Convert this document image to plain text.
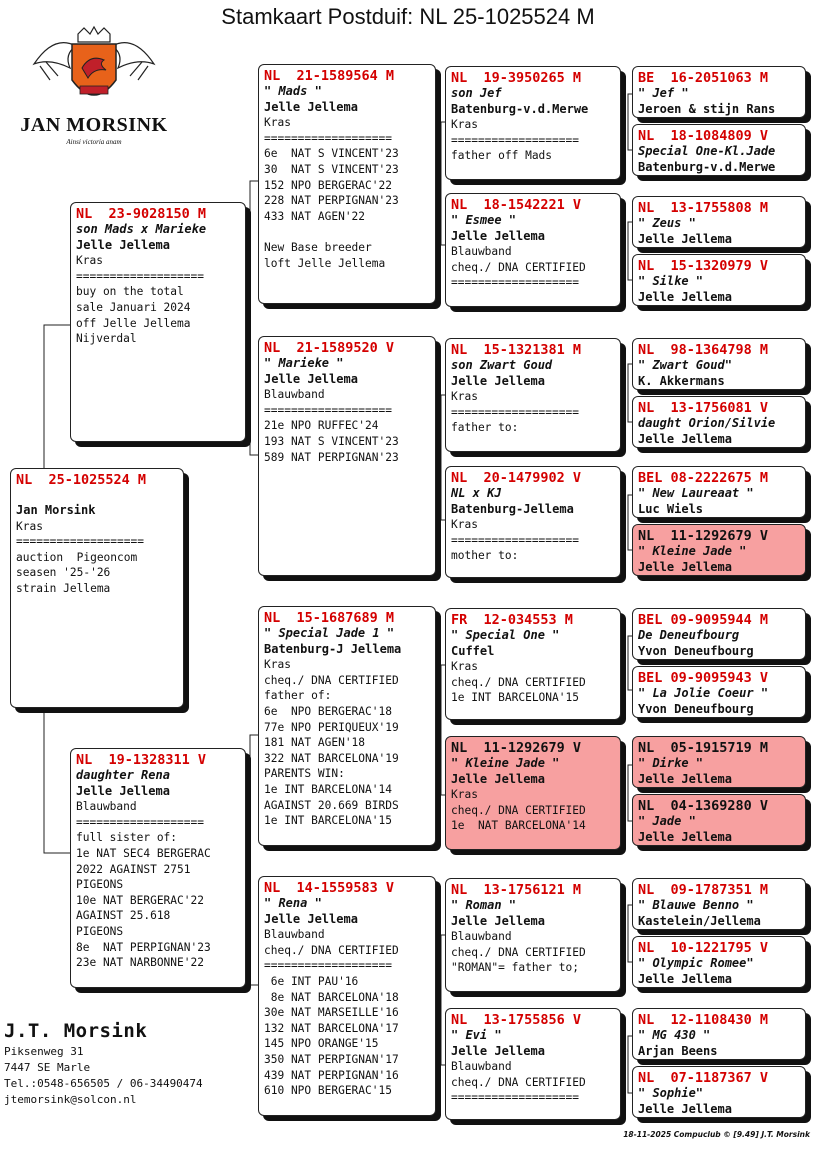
Stamkaart Postduif: NL 25-1025524 M
JAN MORSINK
Ainsi victoria anam
NL  25-1025524 M
Jan Morsink
Kras
===================
auction  Pigeoncom
seasen '25-'26
strain Jellema
NL  23-9028150 M
son Mads x Marieke
Jelle Jellema
Kras
===================
buy on the total
sale Januari 2024
off Jelle Jellema
Nijverdal
NL  19-1328311 V
daughter Rena
Jelle Jellema
Blauwband
===================
full sister of:
1e NAT SEC4 BERGERAC
2022 AGAINST 2751
PIGEONS
10e NAT BERGERAC'22
AGAINST 25.618
PIGEONS
8e  NAT PERPIGNAN'23
23e NAT NARBONNE'22
NL  21-1589564 M
" Mads "
Jelle Jellema
Kras
===================
6e  NAT S VINCENT'23
30  NAT S VINCENT'23
152 NPO BERGERAC'22
228 NAT PERPIGNAN'23
433 NAT AGEN'22

New Base breeder
loft Jelle Jellema
NL  21-1589520 V
" Marieke "
Jelle Jellema
Blauwband
===================
21e NPO RUFFEC'24
193 NAT S VINCENT'23
589 NAT PERPIGNAN'23
NL  15-1687689 M
" Special Jade 1 "
Batenburg-J Jellema
Kras
cheq./ DNA CERTIFIED
father of:
6e  NPO BERGERAC'18
77e NPO PERIQUEUX'19
181 NAT AGEN'18
322 NAT BARCELONA'19
PARENTS WIN:
1e INT BARCELONA'14
AGAINST 20.669 BIRDS
1e INT BARCELONA'15
NL  14-1559583 V
" Rena "
Jelle Jellema
Blauwband
cheq./ DNA CERTIFIED
===================
6e INT PAU'16
8e NAT BARCELONA'18
30e NAT MARSEILLE'16
132 NAT BARCELONA'17
145 NPO ORANGE'15
350 NAT PERPIGNAN'17
439 NAT PERPIGNAN'16
610 NPO BERGERAC'15
NL  19-3950265 M
son Jef
Batenburg-v.d.Merwe
Kras
===================
father off Mads
NL  18-1542221 V
" Esmee "
Jelle Jellema
Blauwband
cheq./ DNA CERTIFIED
===================
NL  15-1321381 M
son Zwart Goud
Jelle Jellema
Kras
===================
father to:
NL  20-1479902 V
NL x KJ
Batenburg-Jellema
Kras
===================
mother to:
FR  12-034553 M
" Special One "
Cuffel
Kras
cheq./ DNA CERTIFIED
1e INT BARCELONA'15
NL  11-1292679 V
" Kleine Jade "
Jelle Jellema
Kras
cheq./ DNA CERTIFIED
1e  NAT BARCELONA'14
NL  13-1756121 M
" Roman "
Jelle Jellema
Blauwband
cheq./ DNA CERTIFIED
"ROMAN"= father to;
NL  13-1755856 V
" Evi "
Jelle Jellema
Blauwband
cheq./ DNA CERTIFIED
===================
BE  16-2051063 M
" Jef "
Jeroen & stijn Rans
NL  18-1084809 V
Special One-Kl.Jade
Batenburg-v.d.Merwe
NL  13-1755808 M
" Zeus "
Jelle Jellema
NL  15-1320979 V
" Silke "
Jelle Jellema
NL  98-1364798 M
" Zwart Goud"
K. Akkermans
NL  13-1756081 V
daught Orion/Silvie
Jelle Jellema
BEL 08-2222675 M
" New Laureaat "
Luc Wiels
NL  11-1292679 V
" Kleine Jade "
Jelle Jellema
BEL 09-9095944 M
De Deneufbourg
Yvon Deneufbourg
BEL 09-9095943 V
" La Jolie Coeur "
Yvon Deneufbourg
NL  05-1915719 M
" Dirke "
Jelle Jellema
NL  04-1369280 V
" Jade "
Jelle Jellema
NL  09-1787351 M
" Blauwe Benno "
Kastelein/Jellema
NL  10-1221795 V
" Olympic Romee"
Jelle Jellema
NL  12-1108430 M
" MG 430 "
Arjan Beens
NL  07-1187367 V
" Sophie"
Jelle Jellema
J.T. Morsink
Piksenweg 31
7447 SE Marle
Tel.:0548-656505 / 06-34490474
jtemorsink@solcon.nl
18-11-2025 Compuclub © [9.49] J.T. Morsink
